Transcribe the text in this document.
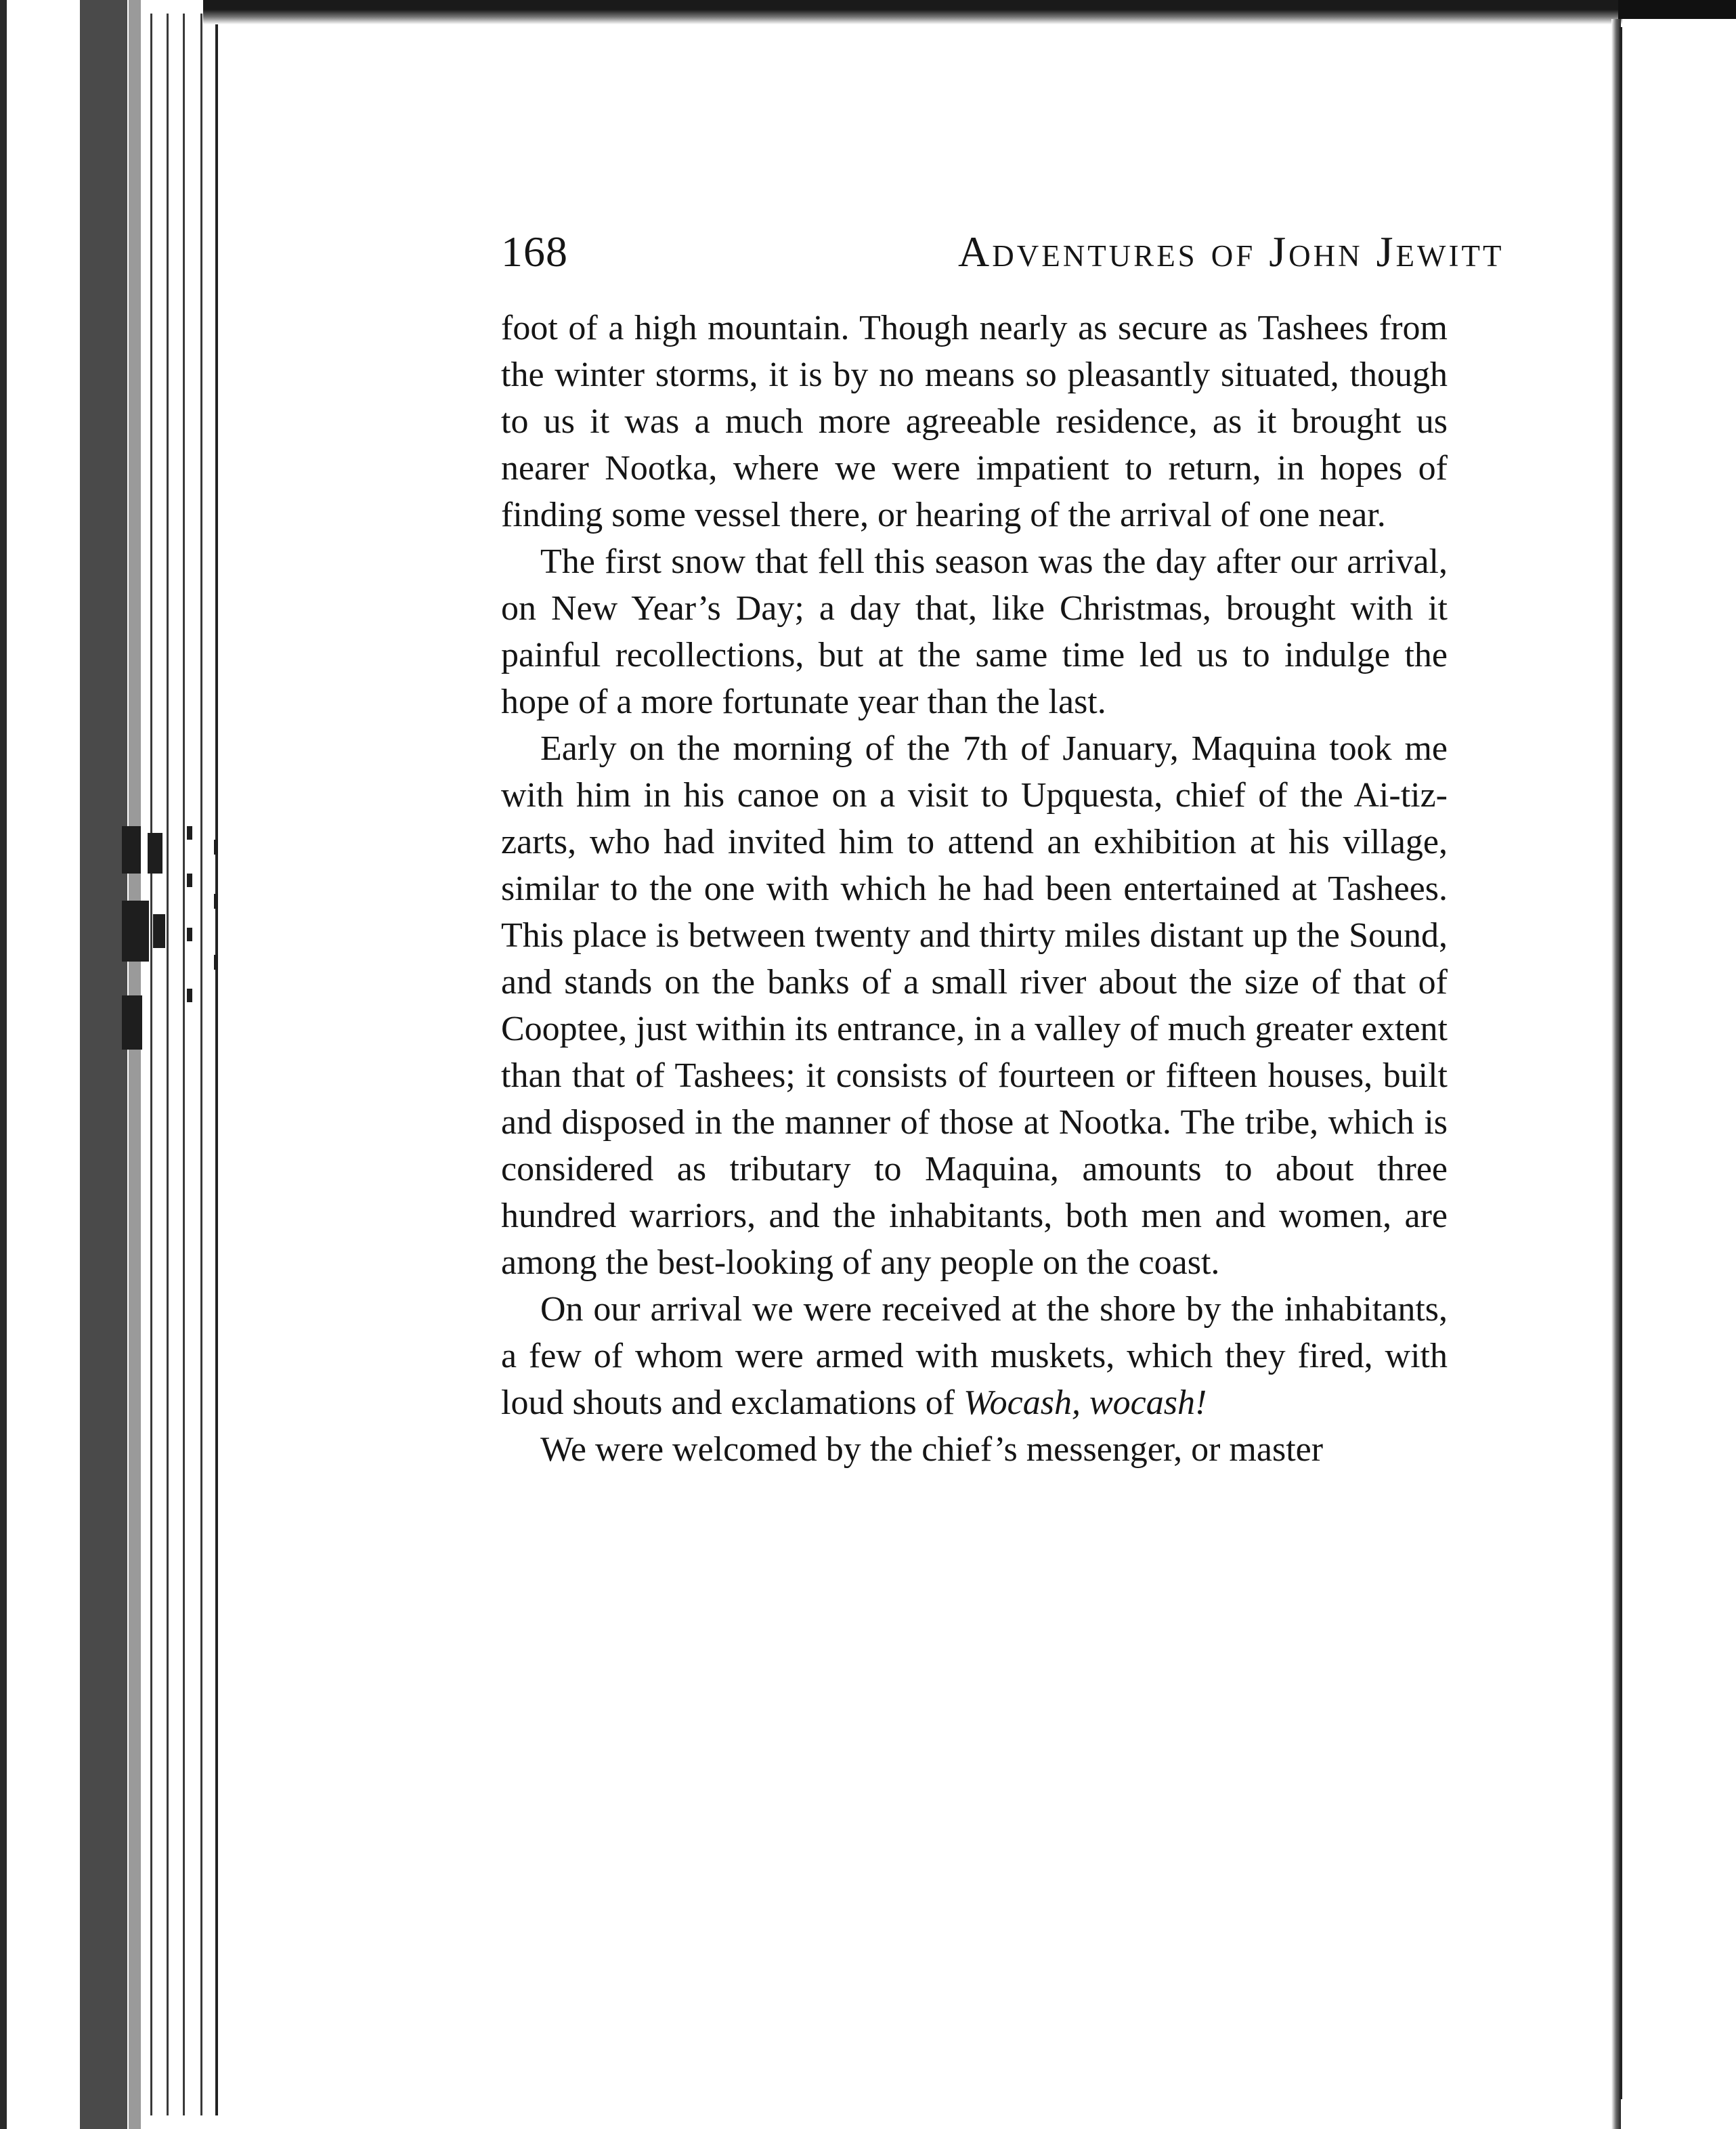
168	Adventures of John Jewitt

foot of a high mountain. Though nearly as secure as Tashees from the winter storms, it is by no means so pleasantly situated, though to us it was a much more agreeable residence, as it brought us nearer Nootka, where we were impatient to return, in hopes of finding some vessel there, or hearing of the arrival of one near.

The first snow that fell this season was the day after our arrival, on New Year’s Day; a day that, like Christmas, brought with it painful recollections, but at the same time led us to indulge the hope of a more fortunate year than the last.

Early on the morning of the 7th of January, Maquina took me with him in his canoe on a visit to Upquesta, chief of the Ai-tiz-zarts, who had invited him to attend an exhibition at his village, similar to the one with which he had been entertained at Tashees. This place is between twenty and thirty miles distant up the Sound, and stands on the banks of a small river about the size of that of Cooptee, just within its entrance, in a valley of much greater extent than that of Tashees; it consists of fourteen or fifteen houses, built and disposed in the manner of those at Nootka. The tribe, which is considered as tributary to Maquina, amounts to about three hundred warriors, and the inhabitants, both men and women, are among the best-looking of any people on the coast.

On our arrival we were received at the shore by the inhabitants, a few of whom were armed with muskets, which they fired, with loud shouts and exclamations of Wocash, wocash!

We were welcomed by the chief’s messenger, or master
